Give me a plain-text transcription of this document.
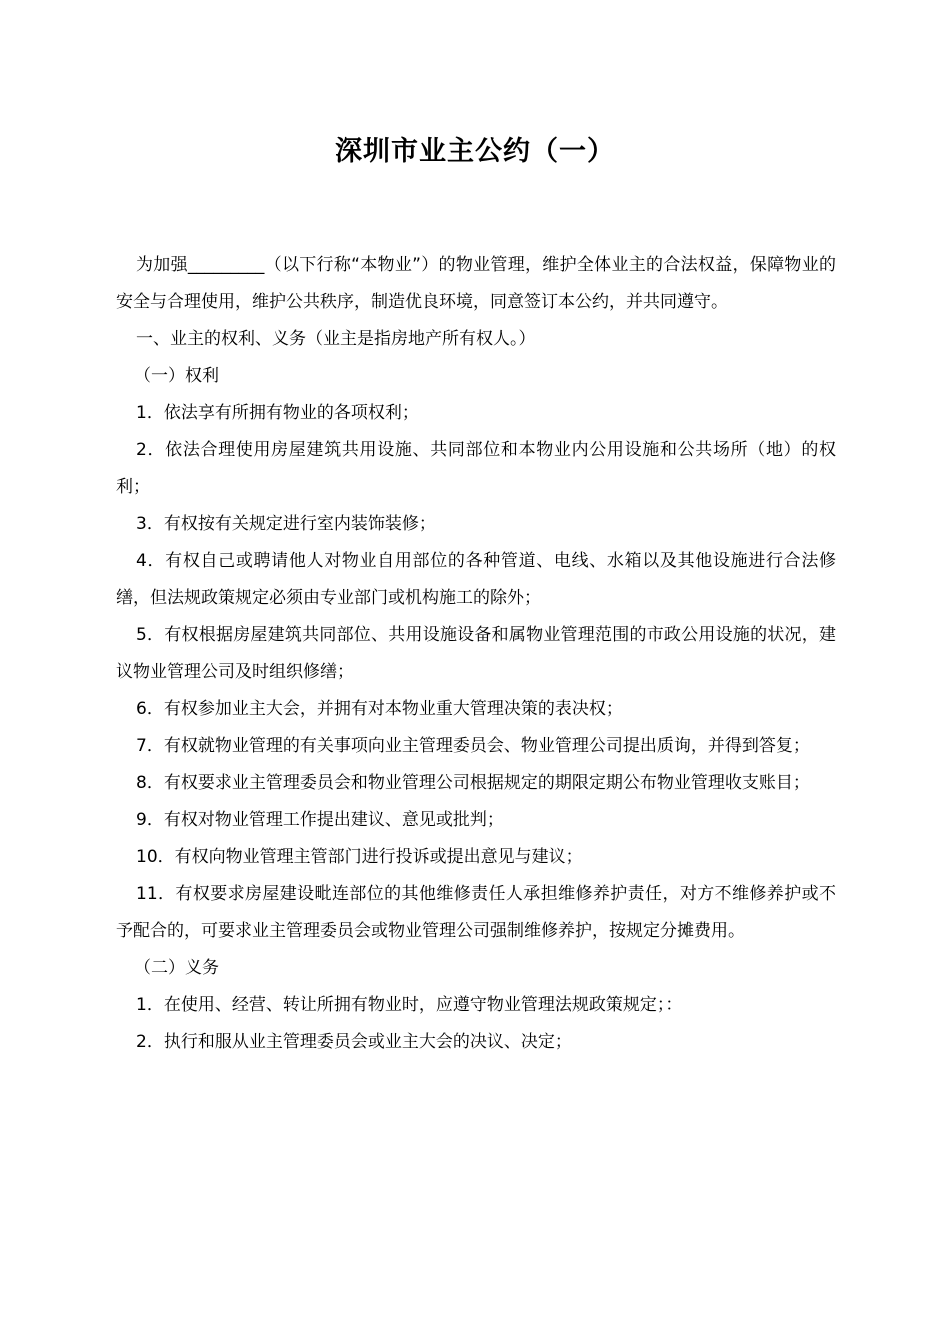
深圳市业主公约（一）

为加强_________（以下行称“本物业”）的物业管理，维护全体业主的合法权益，保障物业的安全与合理使用，维护公共秩序，制造优良环境，同意签订本公约，并共同遵守。

一、业主的权利、义务（业主是指房地产所有权人。）

（一）权利

1．依法享有所拥有物业的各项权利；

2．依法合理使用房屋建筑共用设施、共同部位和本物业内公用设施和公共场所（地）的权利；

3．有权按有关规定进行室内装饰装修；

4．有权自己或聘请他人对物业自用部位的各种管道、电线、水箱以及其他设施进行合法修缮，但法规政策规定必须由专业部门或机构施工的除外；

5．有权根据房屋建筑共同部位、共用设施设备和属物业管理范围的市政公用设施的状况，建议物业管理公司及时组织修缮；

6．有权参加业主大会，并拥有对本物业重大管理决策的表决权；

7．有权就物业管理的有关事项向业主管理委员会、物业管理公司提出质询，并得到答复；

8．有权要求业主管理委员会和物业管理公司根据规定的期限定期公布物业管理收支账目；

9．有权对物业管理工作提出建议、意见或批判；

10．有权向物业管理主管部门进行投诉或提出意见与建议；

11．有权要求房屋建设毗连部位的其他维修责任人承担维修养护责任，对方不维修养护或不予配合的，可要求业主管理委员会或物业管理公司强制维修养护，按规定分摊费用。

（二）义务

1．在使用、经营、转让所拥有物业时，应遵守物业管理法规政策规定；：

2．执行和服从业主管理委员会或业主大会的决议、决定；
